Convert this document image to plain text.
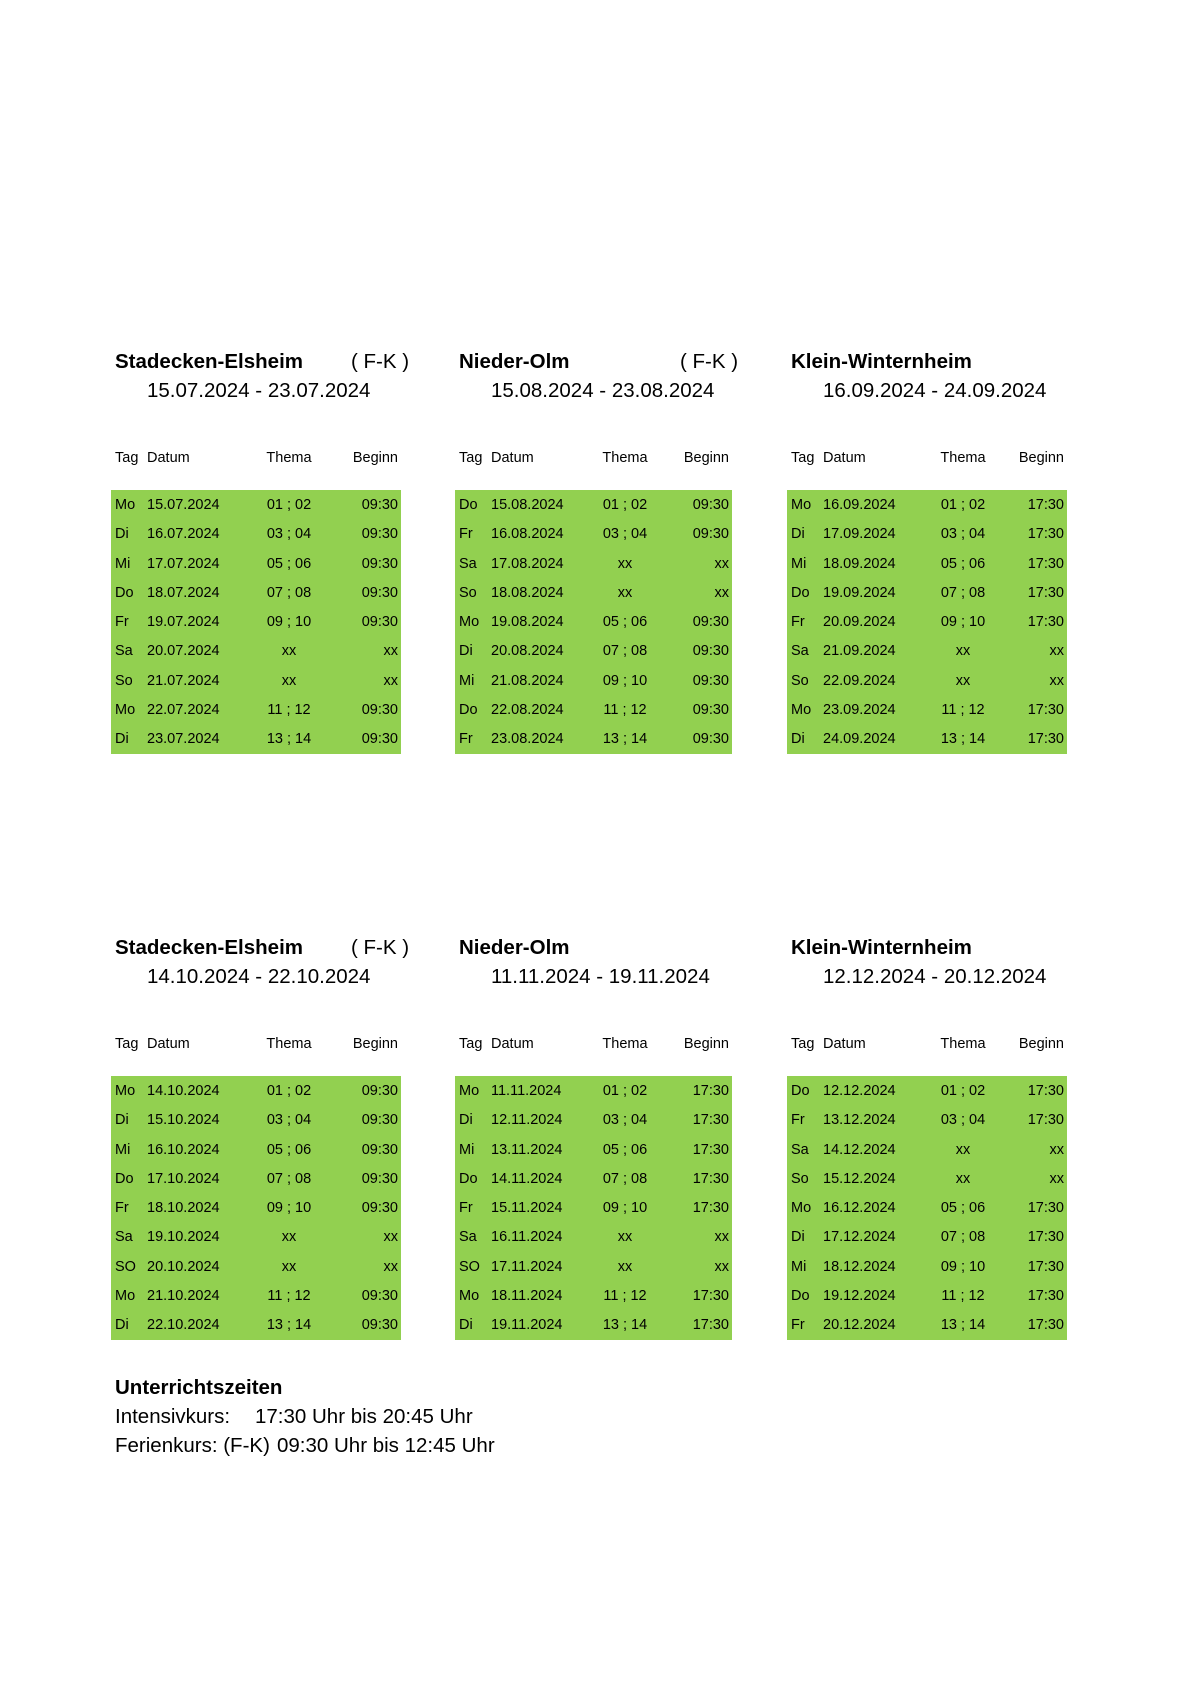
Stadecken-Elsheim ( F-K )
15.07.2024 - 23.07.2024
Tag Datum	Thema	Beginn
Mo 15.07.2024	01 ; 02	09:30
Di 16.07.2024	03 ; 04	09:30
Mi 17.07.2024	05 ; 06	09:30
Do 18.07.2024	07 ; 08	09:30
Fr 19.07.2024	09 ; 10	09:30
Sa 20.07.2024	xx	xx
So 21.07.2024	xx	xx
Mo 22.07.2024	11 ; 12	09:30
Di 23.07.2024	13 ; 14	09:30
Nieder-Olm	( F-K )
15.08.2024 - 23.08.2024
Tag Datum	Thema	Beginn
Do 15.08.2024	01 ; 02	09:30
Fr 16.08.2024	03 ; 04	09:30
Sa 17.08.2024	xx	xx
So 18.08.2024	xx	xx
Mo 19.08.2024	05 ; 06	09:30
Di 20.08.2024	07 ; 08	09:30
Mi 21.08.2024	09 ; 10	09:30
Do 22.08.2024	11 ; 12	09:30
Fr 23.08.2024	13 ; 14	09:30
Klein-Winternheim
16.09.2024 - 24.09.2024
Tag Datum	Thema	Beginn
Mo 16.09.2024	01 ; 02	17:30
Di 17.09.2024	03 ; 04	17:30
Mi 18.09.2024	05 ; 06	17:30
Do 19.09.2024	07 ; 08	17:30
Fr 20.09.2024	09 ; 10	17:30
Sa 21.09.2024	xx	xx
So 22.09.2024	xx	xx
Mo 23.09.2024	11 ; 12	17:30
Di 24.09.2024	13 ; 14	17:30
Stadecken-Elsheim ( F-K )
14.10.2024 - 22.10.2024
Tag Datum	Thema	Beginn
Mo 14.10.2024	01 ; 02	09:30
Di 15.10.2024	03 ; 04	09:30
Mi 16.10.2024	05 ; 06	09:30
Do 17.10.2024	07 ; 08	09:30
Fr 18.10.2024	09 ; 10	09:30
Sa 19.10.2024	xx	xx
SO 20.10.2024	xx	xx
Mo 21.10.2024	11 ; 12	09:30
Di 22.10.2024	13 ; 14	09:30
Nieder-Olm
11.11.2024 - 19.11.2024
Tag Datum	Thema	Beginn
Mo 11.11.2024	01 ; 02	17:30
Di 12.11.2024	03 ; 04	17:30
Mi 13.11.2024	05 ; 06	17:30
Do 14.11.2024	07 ; 08	17:30
Fr 15.11.2024	09 ; 10	17:30
Sa 16.11.2024	xx	xx
SO 17.11.2024	xx	xx
Mo 18.11.2024	11 ; 12	17:30
Di 19.11.2024	13 ; 14	17:30
Klein-Winternheim
12.12.2024 - 20.12.2024
Tag Datum	Thema	Beginn
Do 12.12.2024	01 ; 02	17:30
Fr 13.12.2024	03 ; 04	17:30
Sa 14.12.2024	xx	xx
So 15.12.2024	xx	xx
Mo 16.12.2024	05 ; 06	17:30
Di 17.12.2024	07 ; 08	17:30
Mi 18.12.2024	09 ; 10	17:30
Do 19.12.2024	11 ; 12	17:30
Fr 20.12.2024	13 ; 14	17:30
Unterrichtszeiten
Intensivkurs: 17:30 Uhr bis 20:45 Uhr
Ferienkurs: (F-K) 09:30 Uhr bis 12:45 Uhr
